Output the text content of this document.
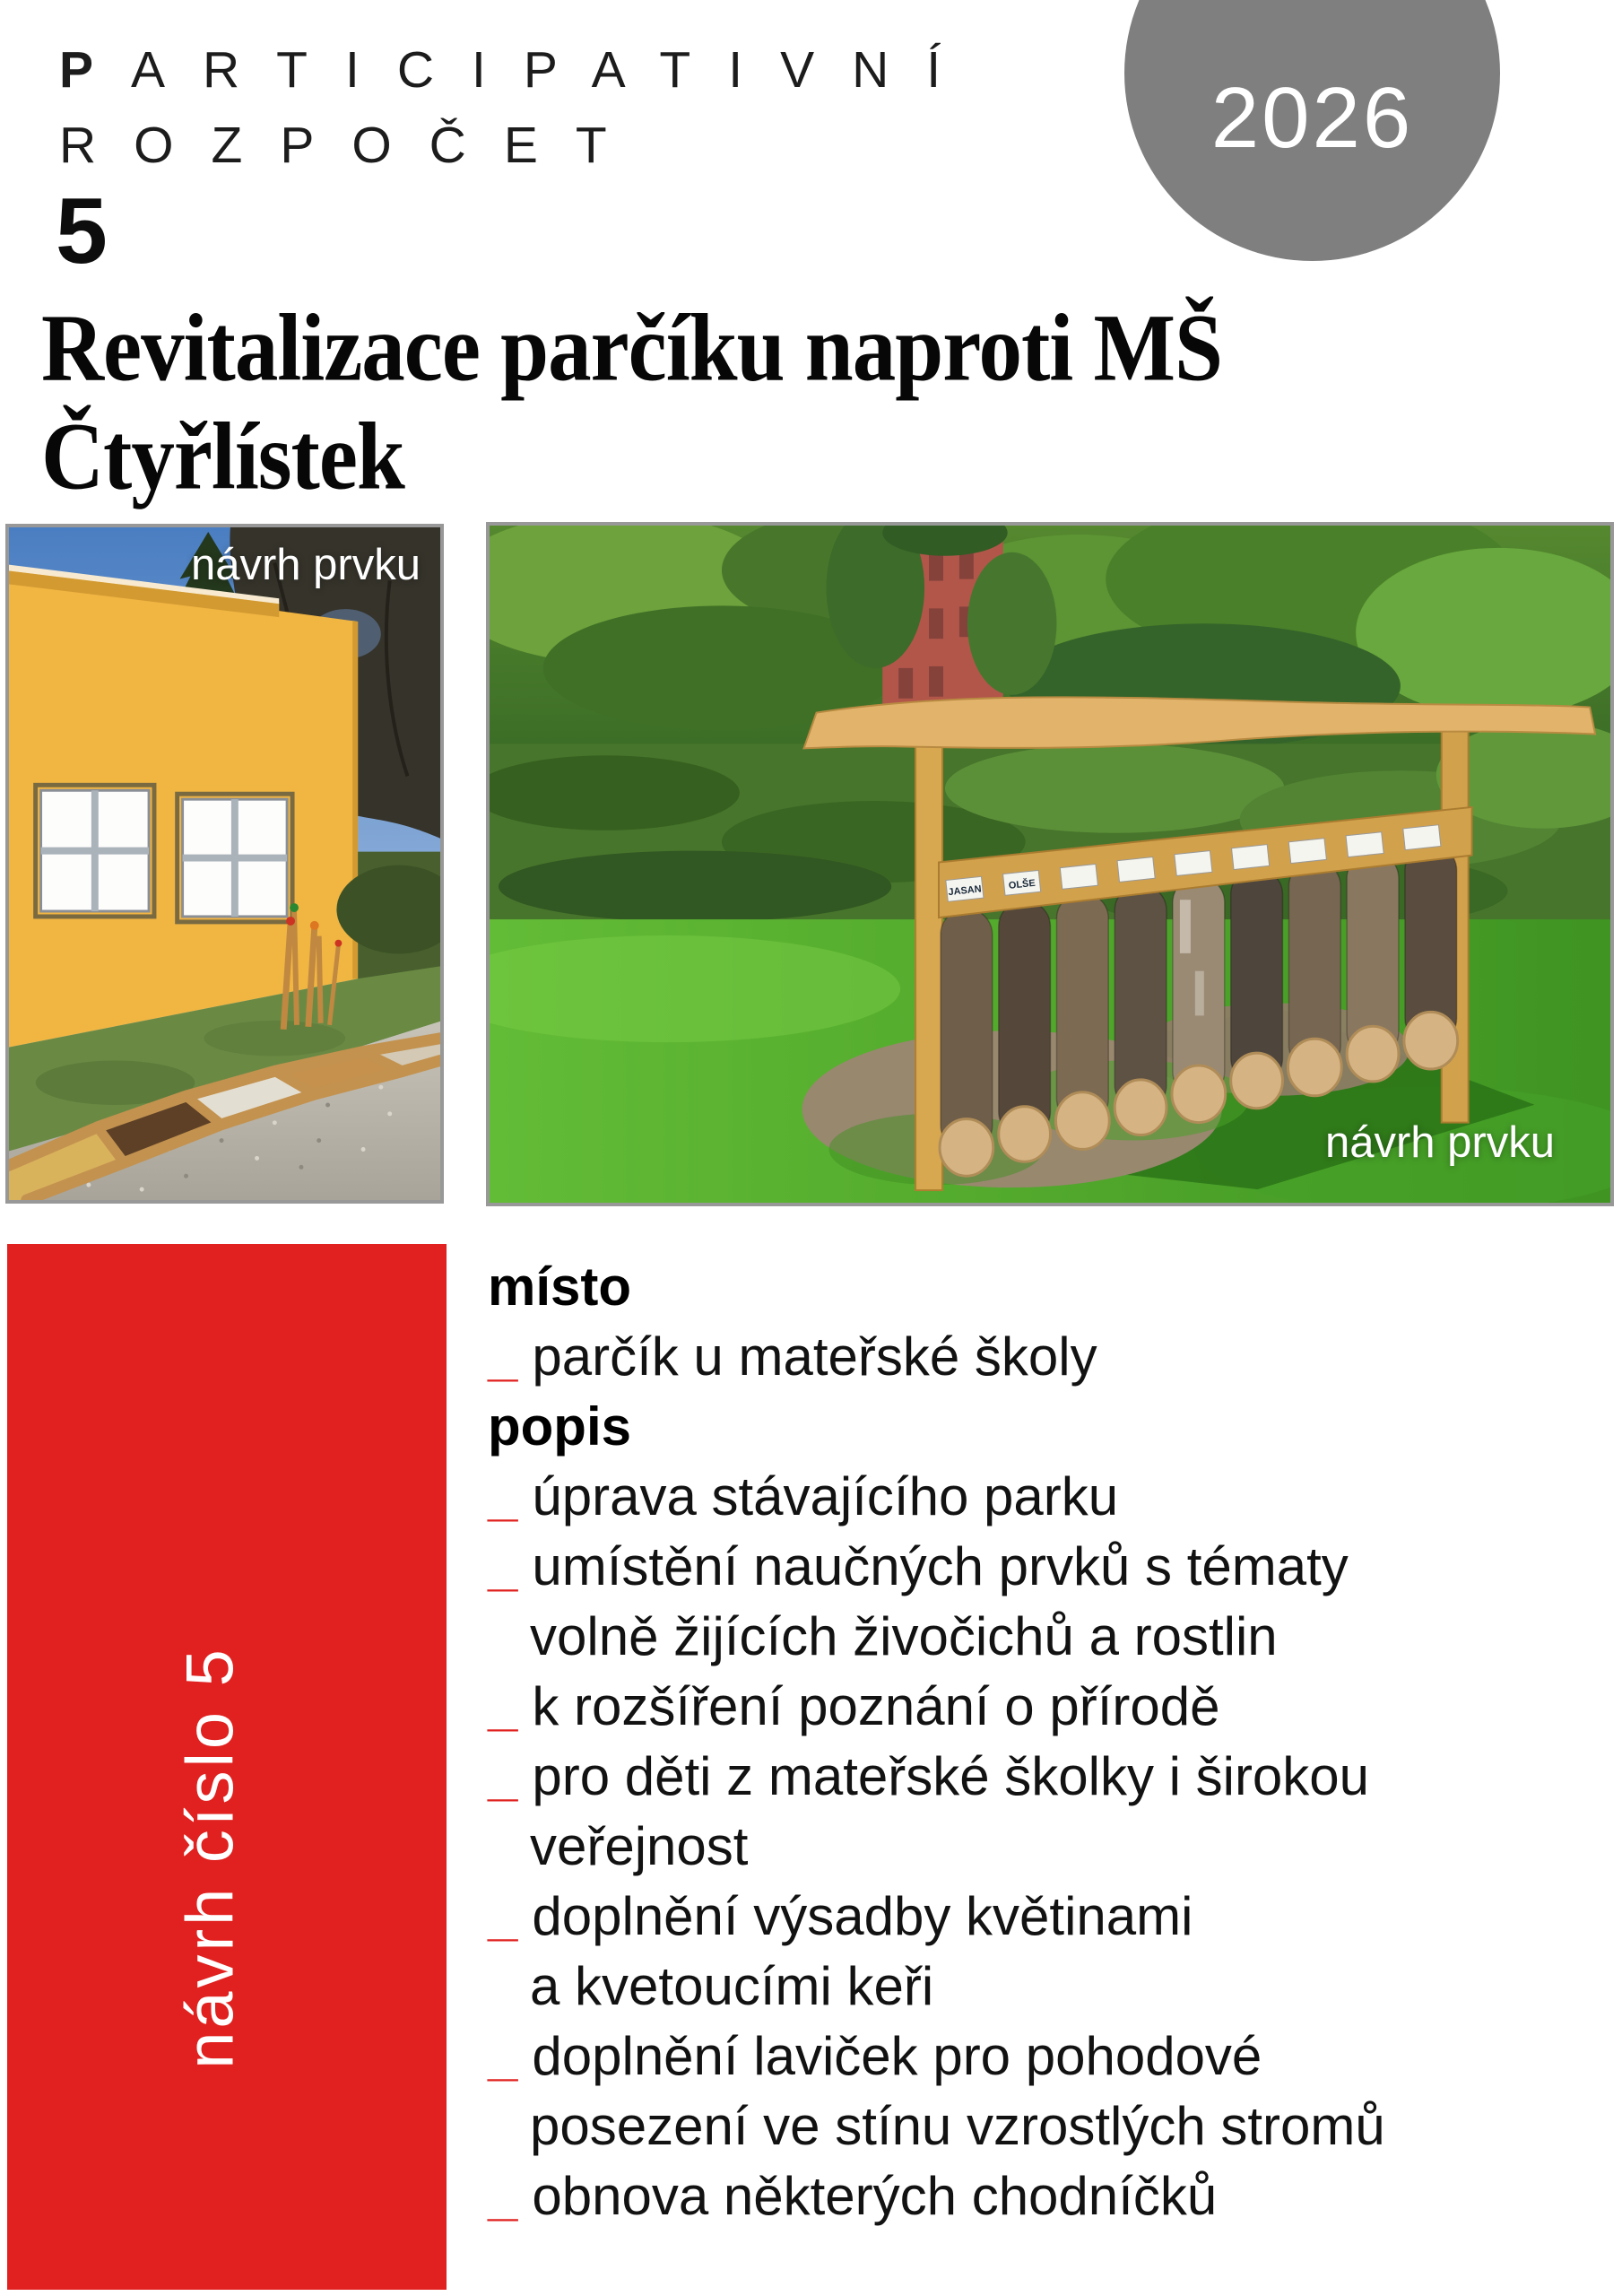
PARTICIPATIVNÍ
ROZPOČET	2026
5
Revitalizace parčíku naproti MŠ Čtyřlístek
návrh prvku
JASAN	OLŠE
návrh prvku
návrh číslo 5
místo
_ parčík u mateřské školy
popis
_ úprava stávajícího parku
_ umístění naučných prvků s tématy
volně žijících živočichů a rostlin
_ k rozšíření poznání o přírodě
_ pro děti z mateřské školky i širokou
veřejnost
_ doplnění výsadby květinami
a kvetoucími keři
_ doplnění laviček pro pohodové
posezení ve stínu vzrostlých stromů
_ obnova některých chodníčků
